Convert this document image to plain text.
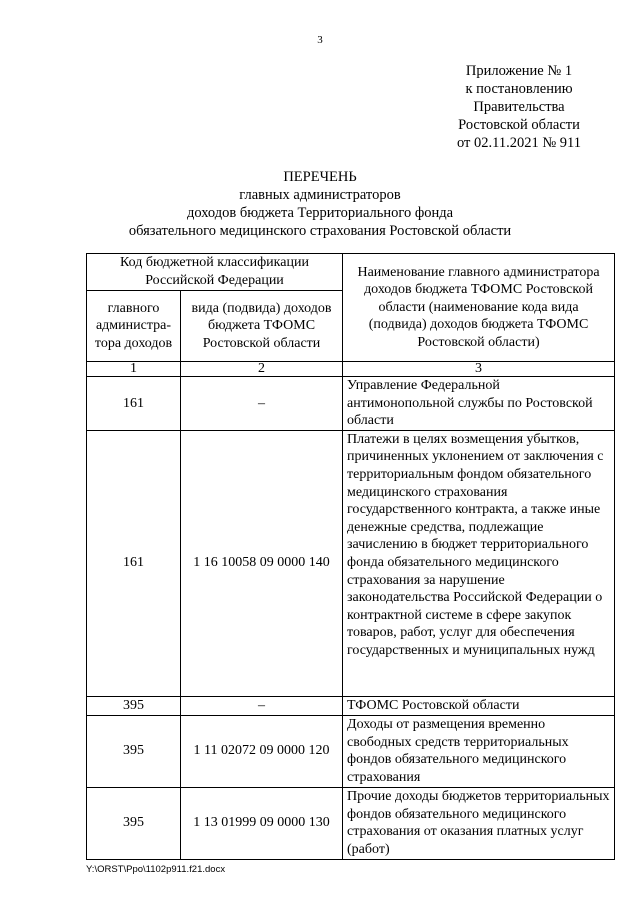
3
Приложение № 1
к постановлению
Правительства
Ростовской области
от 02.11.2021 № 911
ПЕРЕЧЕНЬ
главных администраторов
доходов бюджета Территориального фонда
обязательного медицинского страхования Ростовской области
Код бюджетной классификации Российской Федерации		Наименование главного администратора доходов бюджета ТФОМС Ростовской области (наименование кода вида (подвида) доходов бюджета ТФОМС Ростовской области)
главного администра-тора доходов	вида (подвида) доходов бюджета ТФОМС Ростовской области	
1	2	3
161	–	Управление Федеральной антимонопольной службы по Ростовской области
161	1 16 10058 09 0000 140	Платежи в целях возмещения убытков, причиненных уклонением от заключения с территориальным фондом обязательного медицинского страхования государственного контракта, а также иные денежные средства, подлежащие зачислению в бюджет территориального фонда обязательного медицинского страхования за нарушение законодательства Российской Федерации о контрактной системе в сфере закупок товаров, работ, услуг для обеспечения государственных и муниципальных нужд
395	–	ТФОМС Ростовской области
395	1 11 02072 09 0000 120	Доходы от размещения временно свободных средств территориальных фондов обязательного медицинского страхования
395	1 13 01999 09 0000 130	Прочие доходы бюджетов территориальных фондов обязательного медицинского страхования от оказания платных услуг (работ)
Y:\ORST\Ppo\1102p911.f21.docx
